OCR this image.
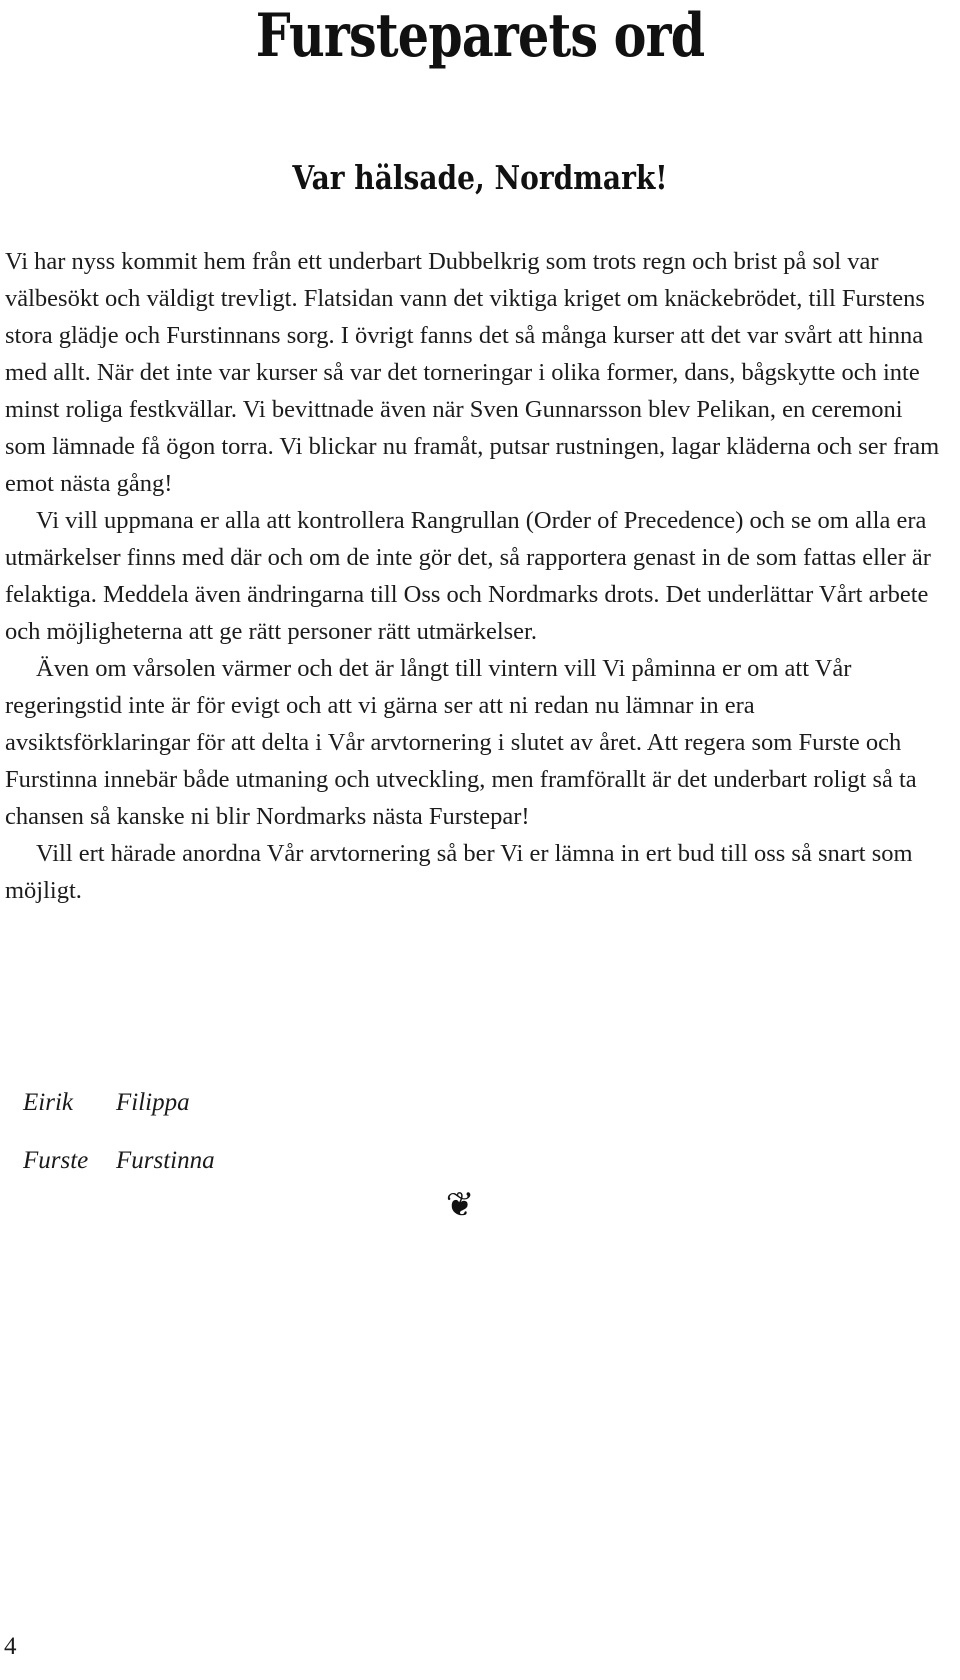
Fursteparets ord
Var hälsade, Nordmark!

Vi har nyss kommit hem från ett underbart Dubbelkrig som trots regn och brist på sol var välbesökt och väldigt trevligt. Flatsidan vann det viktiga kriget om knäckebrödet, till Furstens stora glädje och Furstinnans sorg. I övrigt fanns det så många kurser att det var svårt att hinna med allt. När det inte var kurser så var det torneringar i olika former, dans, bågskytte och inte minst roliga festkvällar. Vi bevittnade även när Sven Gunnarsson blev Pelikan, en ceremoni som lämnade få ögon torra. Vi blickar nu framåt, putsar rustningen, lagar kläderna och ser fram emot nästa gång!

Vi vill uppmana er alla att kontrollera Rangrullan (Order of Precedence) och se om alla era utmärkelser finns med där och om de inte gör det, så rapportera genast in de som fattas eller är felaktiga. Meddela även ändringarna till Oss och Nordmarks drots. Det underlättar Vårt arbete och möjligheterna att ge rätt personer rätt utmärkelser.

Även om vårsolen värmer och det är långt till vintern vill Vi påminna er om att Vår regeringstid inte är för evigt och att vi gärna ser att ni redan nu lämnar in era avsiktsförklaringar för att delta i Vår arvtornering i slutet av året. Att regera som Furste och Furstinna innebär både utmaning och utveckling, men framförallt är det underbart roligt så ta chansen så kanske ni blir Nordmarks nästa Furstepar!

Vill ert härade anordna Vår arvtornering så ber Vi er lämna in ert bud till oss så snart som möjligt.

Eirik	Filippa
Furste	Furstinna
❦
4
